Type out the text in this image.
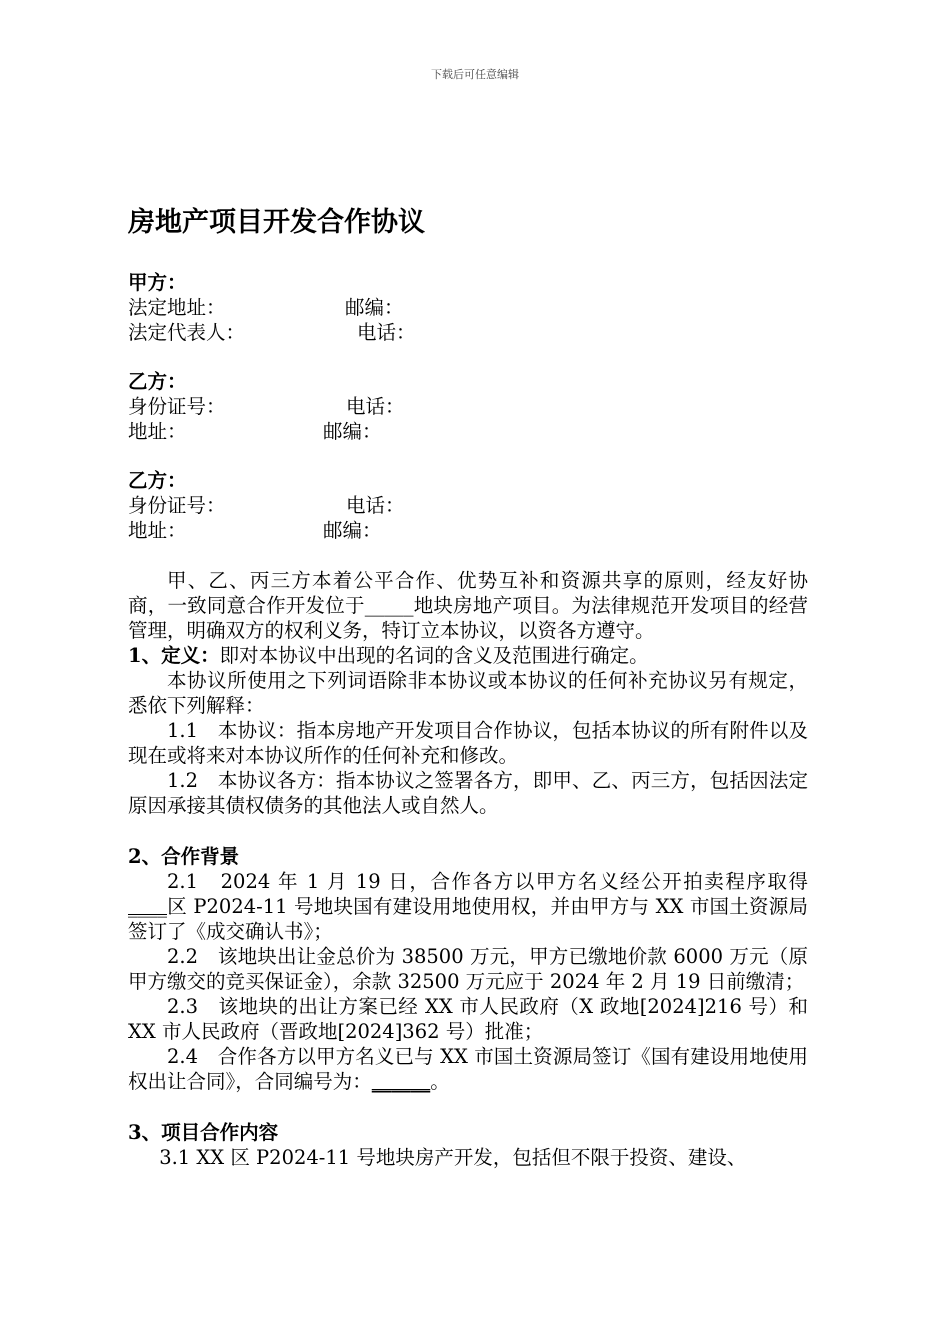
下载后可任意编辑
房地产项目开发合作协议
甲方：
法定地址：	邮编：
法定代表人：	电话：
乙方：
身份证号：	电话：
地址：	邮编：
乙方：
身份证号：	电话：
地址：	邮编：

甲、乙、丙三方本着公平合作、优势互补和资源共享的原则，经友好协商，一致同意合作开发位于_____地块房地产项目。为法律规范开发项目的经营管理，明确双方的权利义务，特订立本协议，以资各方遵守。

1、定义：即对本协议中出现的名词的含义及范围进行确定。

本协议所使用之下列词语除非本协议或本协议的任何补充协议另有规定，悉依下列解释：

1.1　本协议：指本房地产开发项目合作协议，包括本协议的所有附件以及现在或将来对本协议所作的任何补充和修改。

1.2　本协议各方：指本协议之签署各方，即甲、乙、丙三方，包括因法定原因承接其债权债务的其他法人或自然人。

2、合作背景

2.1　2024 年 1 月 19 日，合作各方以甲方名义经公开拍卖程序取得 ____区 P2024-11 号地块国有建设用地使用权，并由甲方与 XX 市国土资源局签订了《成交确认书》；

2.2　该地块出让金总价为 38500 万元，甲方已缴地价款 6000 万元（原甲方缴交的竞买保证金），余款 32500 万元应于 2024 年 2 月 19 日前缴清；

2.3　该地块的出让方案已经 XX 市人民政府（X 政地[2024]216 号）和 XX 市人民政府（晋政地[2024]362 号）批准；

2.4　合作各方以甲方名义已与 XX 市国土资源局签订《国有建设用地使用权出让合同》，合同编号为：______。

3、项目合作内容

3.1 XX 区 P2024-11 号地块房产开发，包括但不限于投资、建设、
